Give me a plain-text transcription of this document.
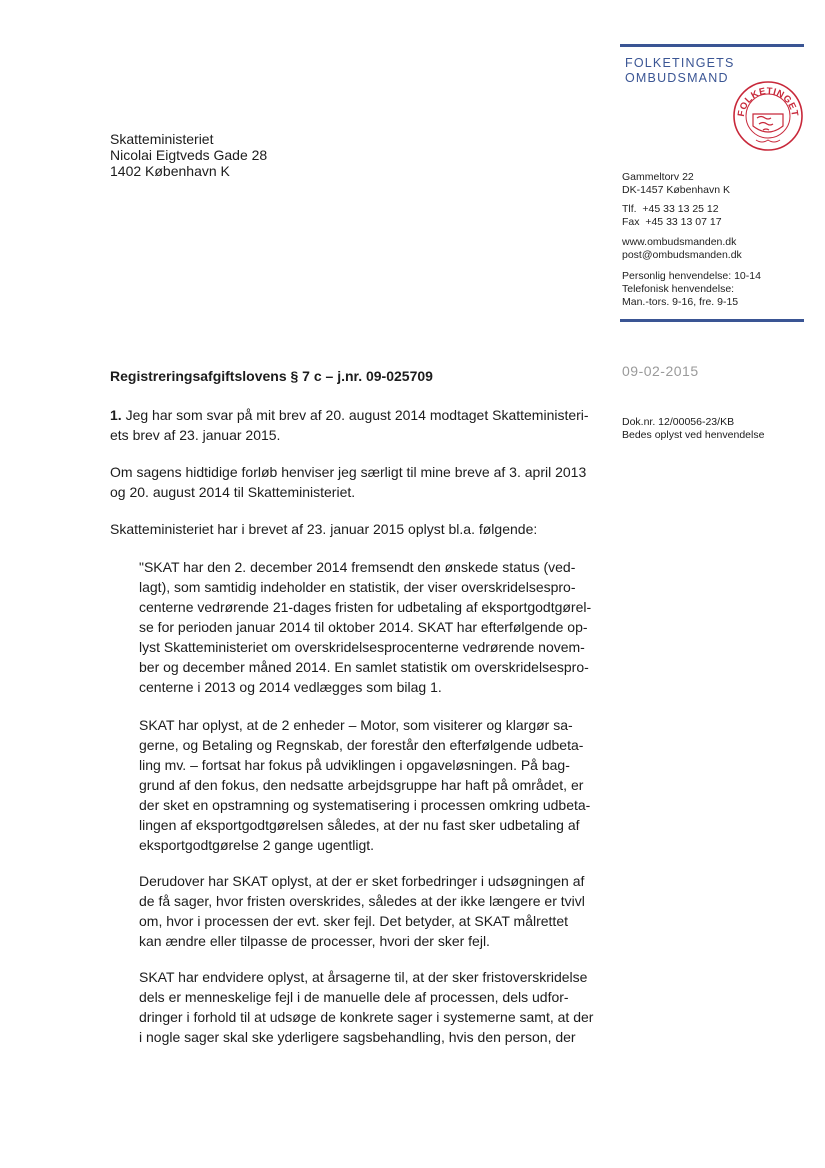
FOLKETINGETS
OMBUDSMAND
FOLKETINGET
Skatteministeriet
Nicolai Eigtveds Gade 28
1402 København K	Gammeltorv 22
DK-1457 København K
Tlf.  +45 33 13 25 12
Fax  +45 33 13 07 17
www.ombudsmanden.dk
post@ombudsmanden.dk
Personlig henvendelse: 10-14
Telefonisk henvendelse:
Man.-tors. 9-16, fre. 9-15
Registreringsafgiftslovens § 7 c – j.nr. 09-025709	09-02-2015
Dok.nr. 12/00056-23/KB
Bedes oplyst ved henvendelse
1. Jeg har som svar på mit brev af 20. august 2014 modtaget Skatteministeri-
ets brev af 23. januar 2015.
Om sagens hidtidige forløb henviser jeg særligt til mine breve af 3. april 2013
og 20. august 2014 til Skatteministeriet.
Skatteministeriet har i brevet af 23. januar 2015 oplyst bl.a. følgende:
"SKAT har den 2. december 2014 fremsendt den ønskede status (ved-
lagt), som samtidig indeholder en statistik, der viser overskridelsespro-
centerne vedrørende 21-dages fristen for udbetaling af eksportgodtgørel-
se for perioden januar 2014 til oktober 2014. SKAT har efterfølgende op-
lyst Skatteministeriet om overskridelsesprocenterne vedrørende novem-
ber og december måned 2014. En samlet statistik om overskridelsespro-
centerne i 2013 og 2014 vedlægges som bilag 1.
SKAT har oplyst, at de 2 enheder – Motor, som visiterer og klargør sa-
gerne, og Betaling og Regnskab, der forestår den efterfølgende udbeta-
ling mv. – fortsat har fokus på udviklingen i opgaveløsningen. På bag-
grund af den fokus, den nedsatte arbejdsgruppe har haft på området, er
der sket en opstramning og systematisering i processen omkring udbeta-
lingen af eksportgodtgørelsen således, at der nu fast sker udbetaling af
eksportgodtgørelse 2 gange ugentligt.
Derudover har SKAT oplyst, at der er sket forbedringer i udsøgningen af
de få sager, hvor fristen overskrides, således at der ikke længere er tvivl
om, hvor i processen der evt. sker fejl. Det betyder, at SKAT målrettet
kan ændre eller tilpasse de processer, hvori der sker fejl.
SKAT har endvidere oplyst, at årsagerne til, at der sker fristoverskridelse
dels er menneskelige fejl i de manuelle dele af processen, dels udfor-
dringer i forhold til at udsøge de konkrete sager i systemerne samt, at der
i nogle sager skal ske yderligere sagsbehandling, hvis den person, der
